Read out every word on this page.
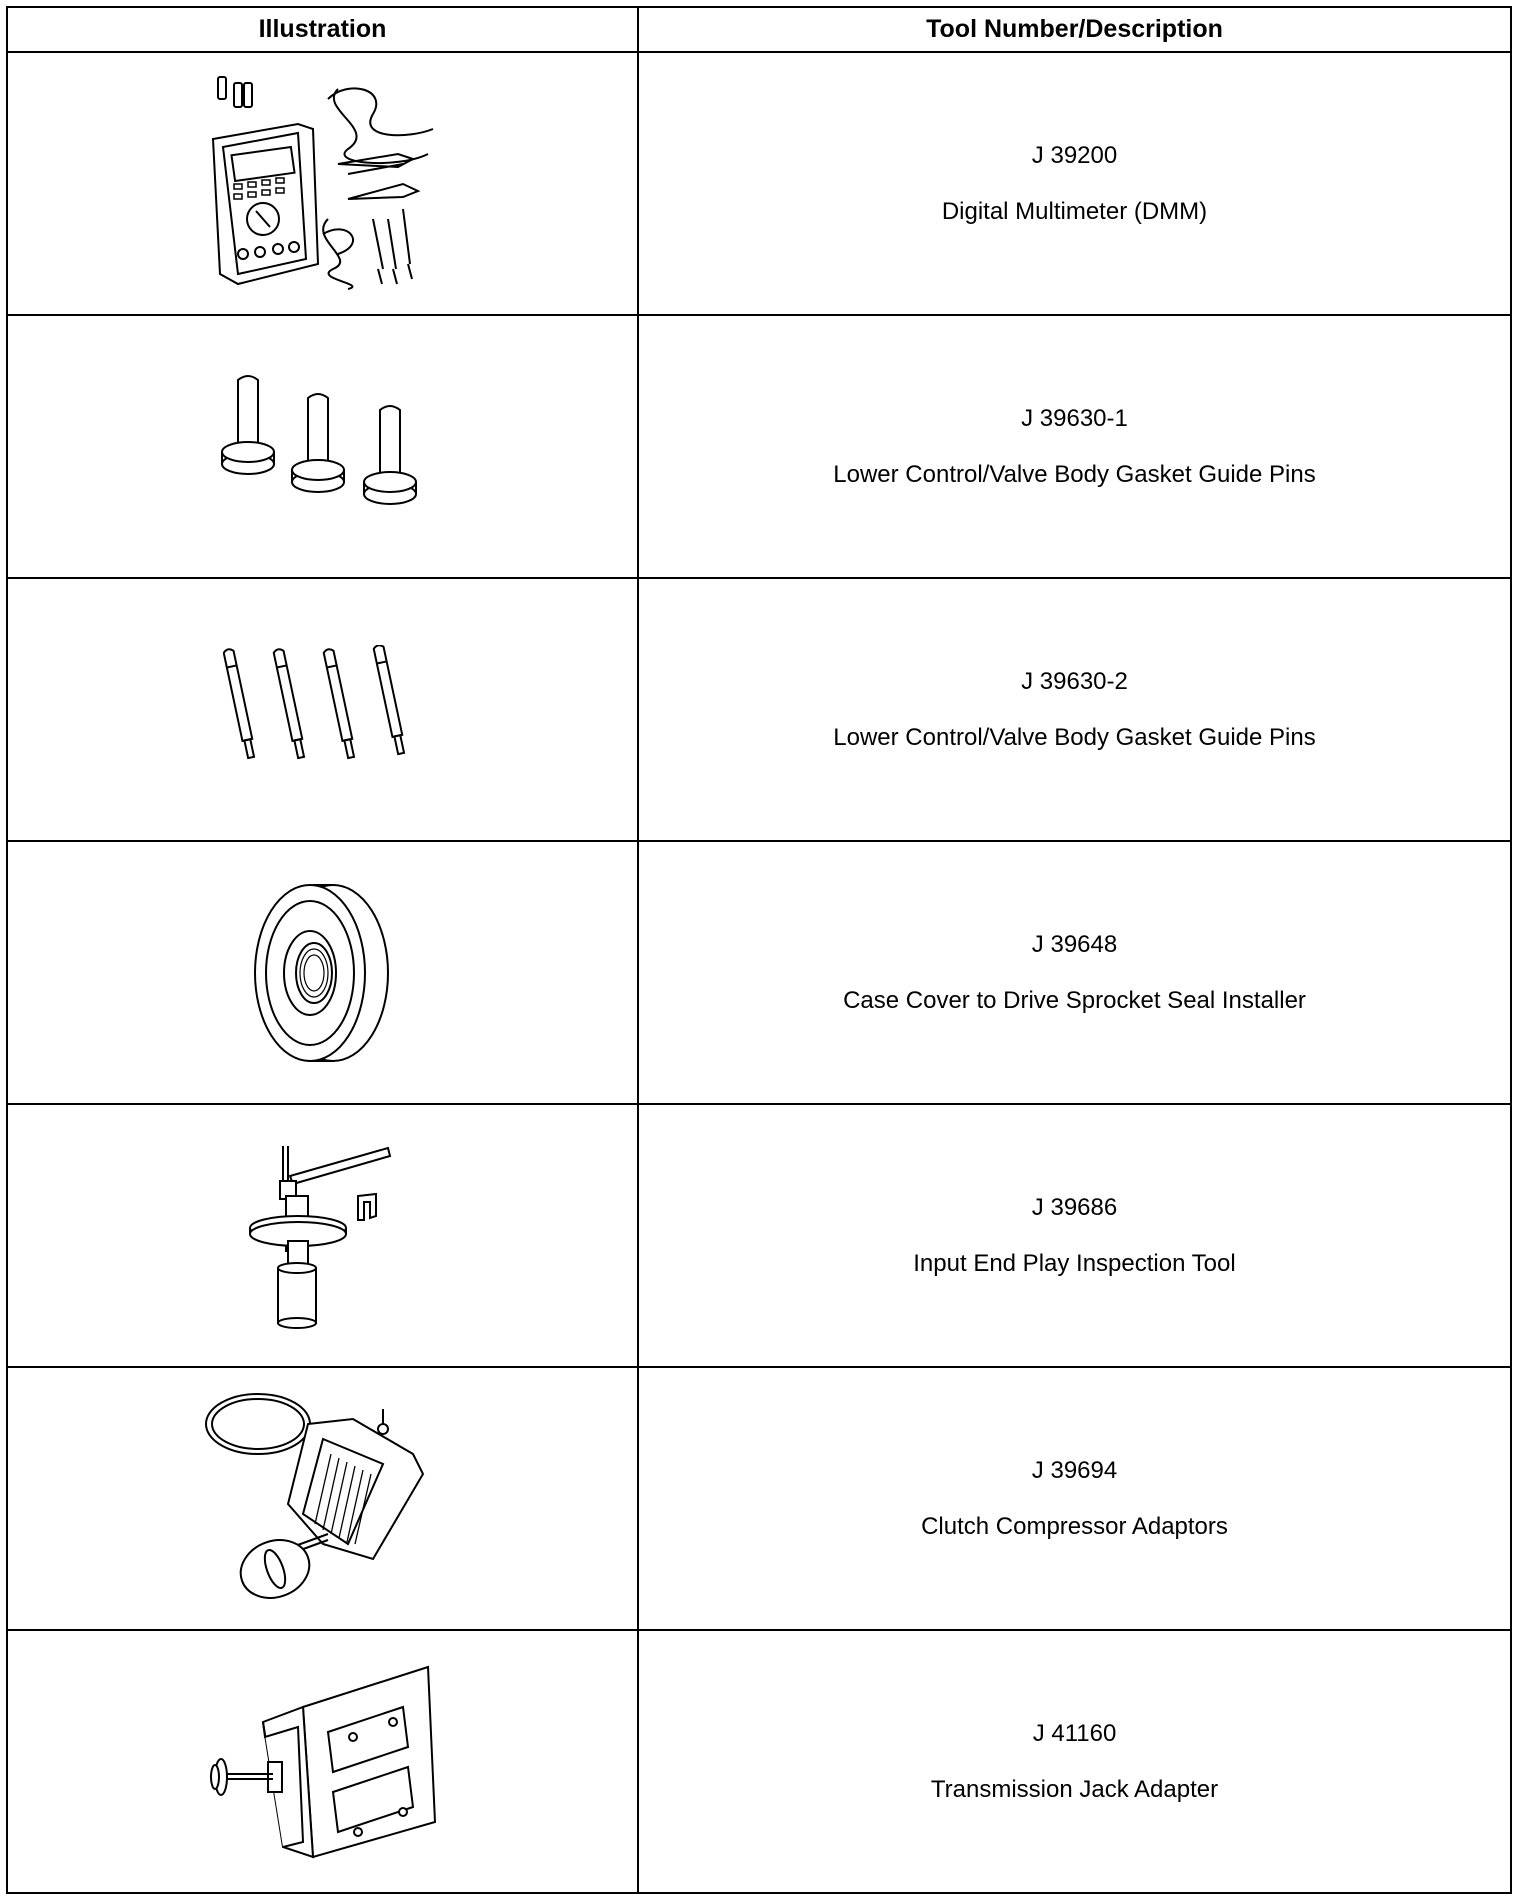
Illustration	Tool Number/Description

J 39200
Digital Multimeter (DMM)

J 39630-1
Lower Control/Valve Body Gasket Guide Pins

J 39630-2
Lower Control/Valve Body Gasket Guide Pins

J 39648
Case Cover to Drive Sprocket Seal Installer

J 39686
Input End Play Inspection Tool

J 39694
Clutch Compressor Adaptors

J 41160
Transmission Jack Adapter
